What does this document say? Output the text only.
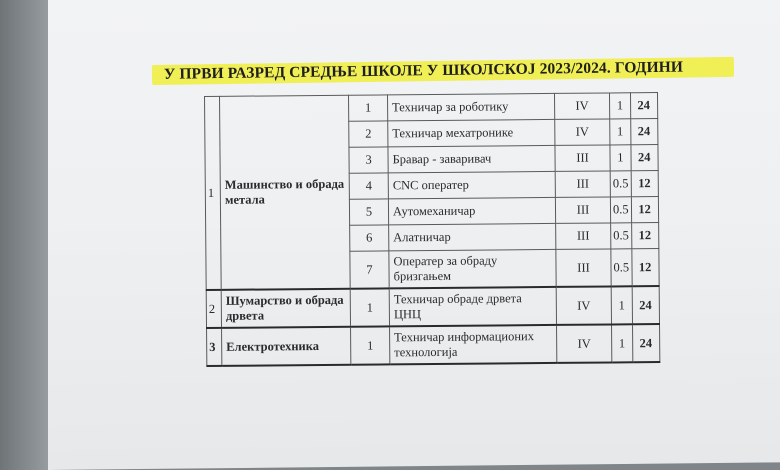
У ПРВИ РАЗРЕД СРЕДЊЕ ШКОЛЕ У ШКОЛСКОЈ 2023/2024. ГОДИНИ
1	Машинство и обрада метала	1	Техничар за роботику	IV	1	24
		2	Техничар мехатронике	IV	1	24
		3	Бравар - заваривач	III	1	24
		4	CNC оператер	III	0.5	12
		5	Аутомеханичар	III	0.5	12
		6	Алатничар	III	0.5	12
		7	Оператер за обраду бризгањем	III	0.5	12
2	Шумарство и обрада дрвета	1	Техничар обраде дрвета ЦНЦ	IV	1	24
3	Електротехника	1	Техничар информационих технологија	IV	1	24
